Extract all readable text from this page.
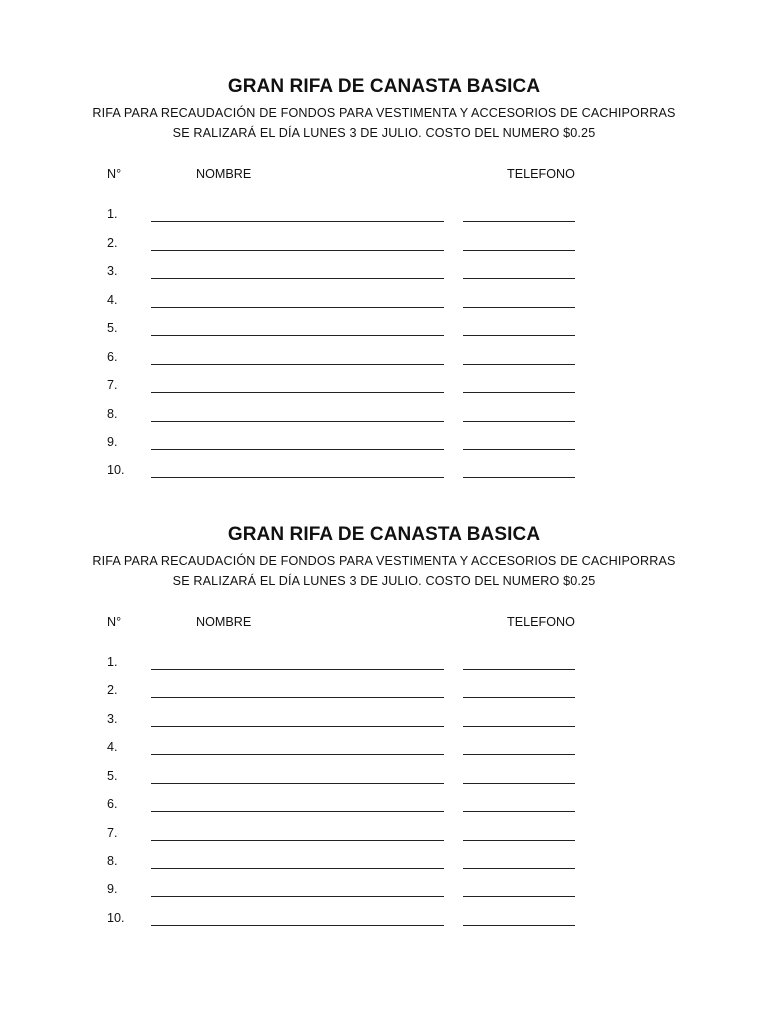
GRAN RIFA DE CANASTA BASICA
RIFA PARA RECAUDACIÓN DE FONDOS PARA VESTIMENTA Y ACCESORIOS DE CACHIPORRAS
SE RALIZARÁ EL DÍA LUNES 3 DE JULIO. COSTO DEL NUMERO $0.25
N°	NOMBRE	TELEFONO
1.
2.
3.
4.
5.
6.
7.
8.
9.
10.
GRAN RIFA DE CANASTA BASICA
RIFA PARA RECAUDACIÓN DE FONDOS PARA VESTIMENTA Y ACCESORIOS DE CACHIPORRAS
SE RALIZARÁ EL DÍA LUNES 3 DE JULIO. COSTO DEL NUMERO $0.25
N°	NOMBRE	TELEFONO
1.
2.
3.
4.
5.
6.
7.
8.
9.
10.
